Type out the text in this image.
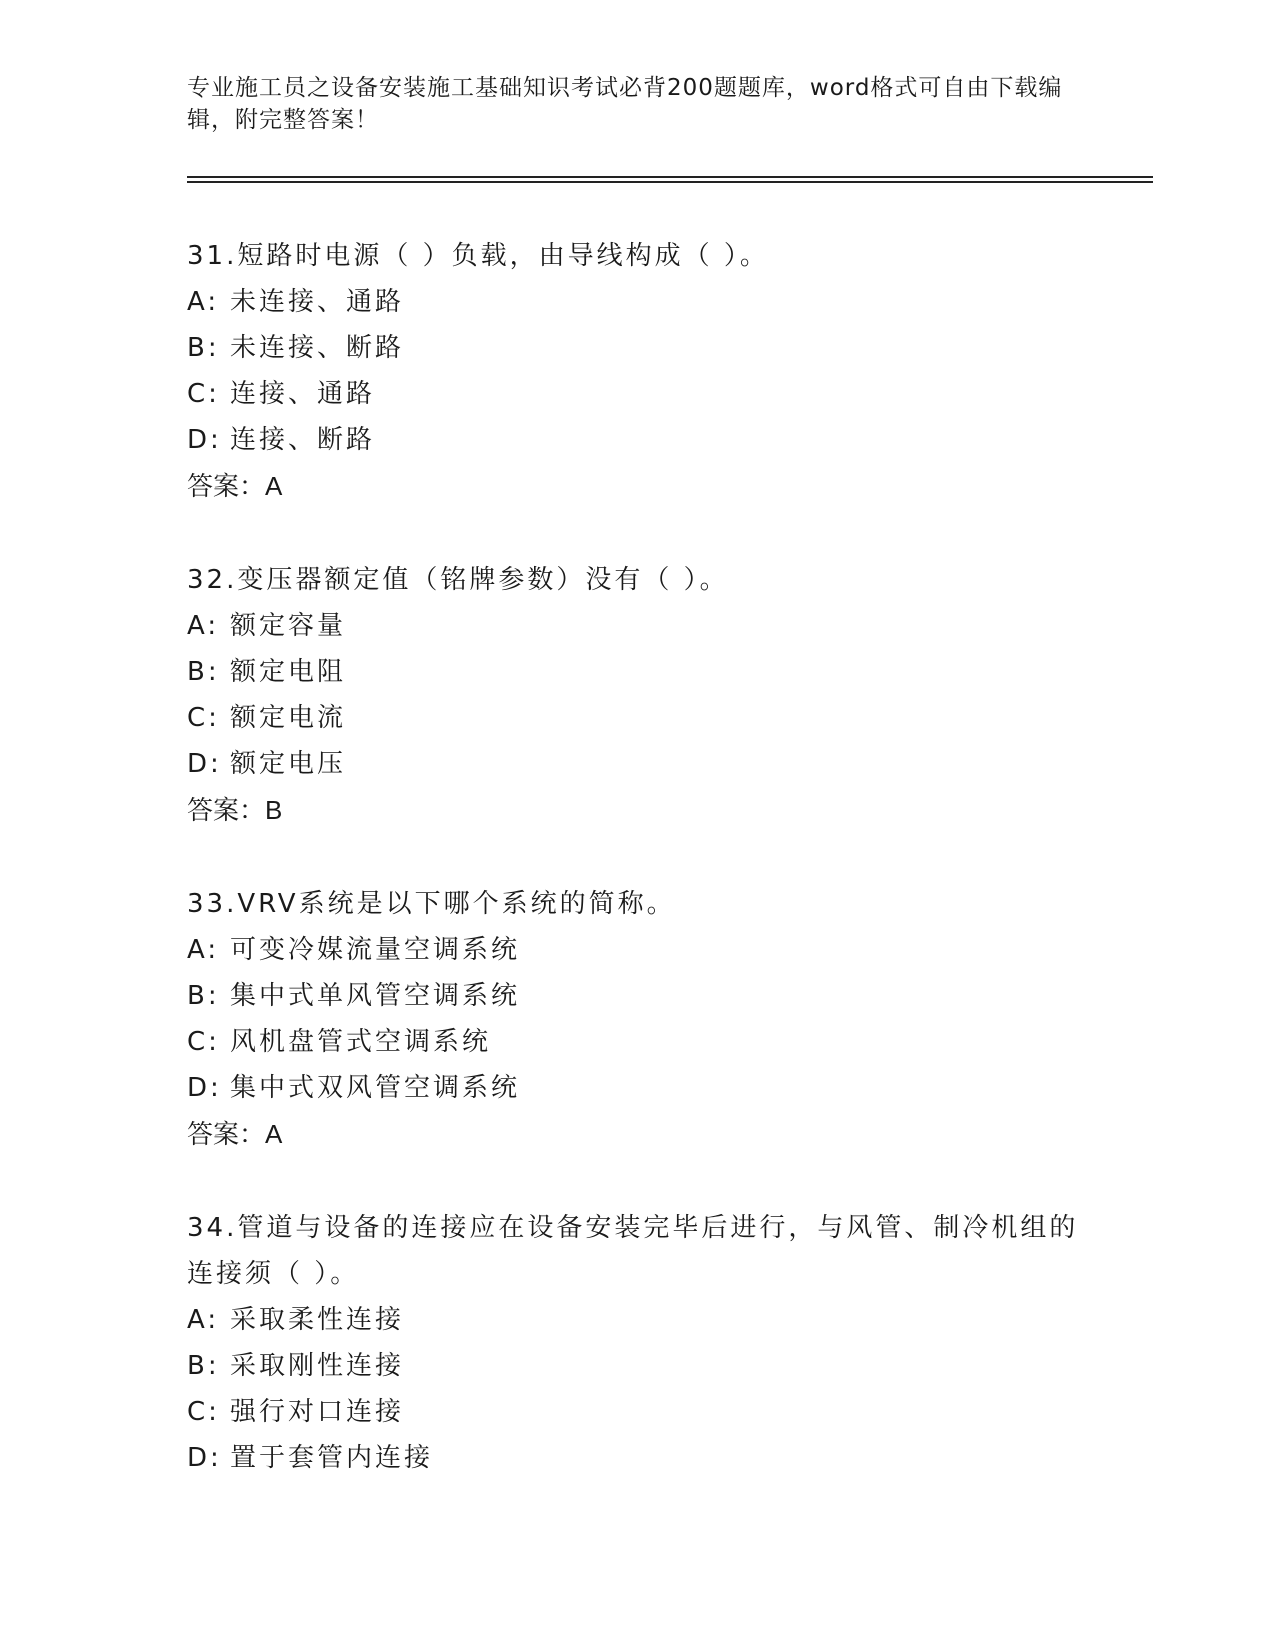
专业施工员之设备安装施工基础知识考试必背200题题库，word格式可自由下载编辑，附完整答案！

31.短路时电源（ ）负载，由导线构成（ ）。

A: 未连接、通路

B: 未连接、断路

C: 连接、通路

D: 连接、断路

答案：A

32.变压器额定值（铭牌参数）没有（ ）。

A: 额定容量

B: 额定电阻

C: 额定电流

D: 额定电压

答案：B

33.VRV系统是以下哪个系统的简称。

A: 可变冷媒流量空调系统

B: 集中式单风管空调系统

C: 风机盘管式空调系统

D: 集中式双风管空调系统

答案：A

34.管道与设备的连接应在设备安装完毕后进行，与风管、制冷机组的连接须（ ）。

A: 采取柔性连接

B: 采取刚性连接

C: 强行对口连接

D: 置于套管内连接
